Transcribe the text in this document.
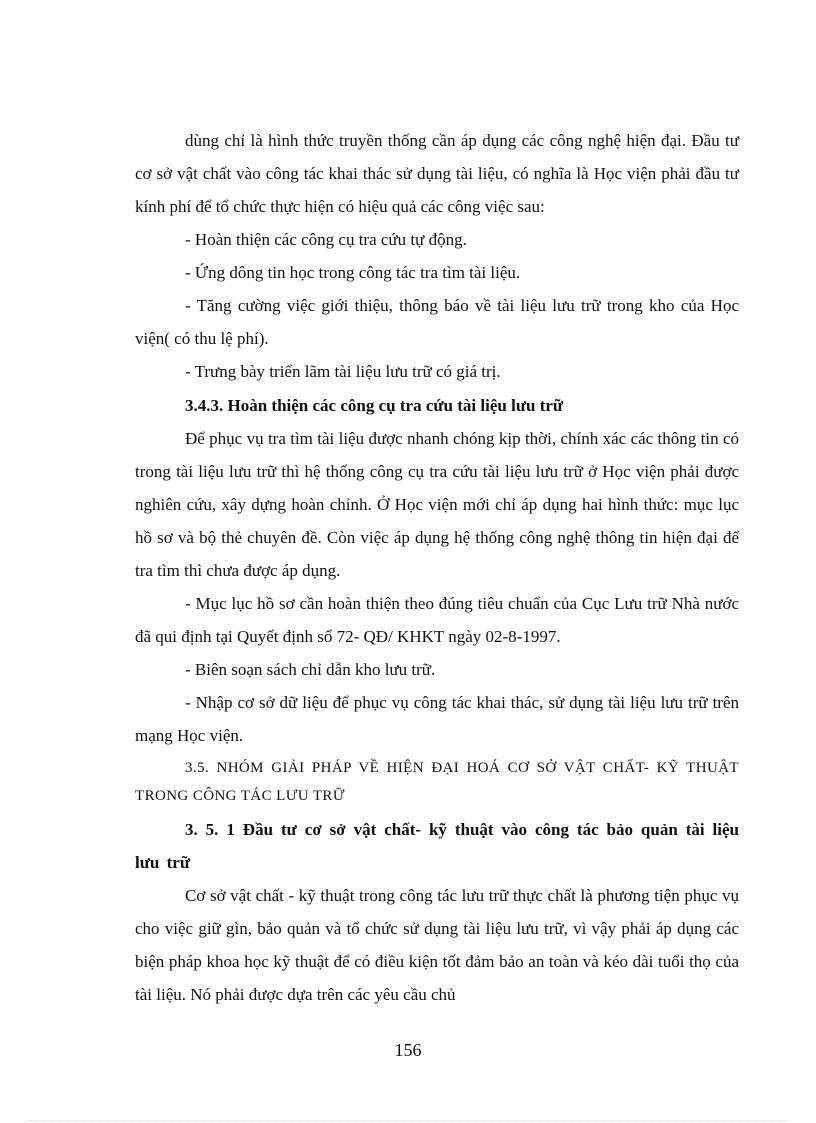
dùng chỉ là hình thức truyền thống cần áp dụng các công nghệ hiện đại. Đầu tư cơ sở vật chất vào công tác khai thác sử dụng tài liệu, có nghĩa là Học viện phải đầu tư kính phí để tổ chức thực hiện có hiệu quả các công việc sau:

- Hoàn thiện các công cụ tra cứu tự động.

- Ứng dông tin học trong công tác tra tìm tài liệu.

- Tăng cường việc giới thiệu, thông báo về tài liệu lưu trữ trong kho của Học viện( có thu lệ phí).

- Trưng bày triển lãm tài liệu lưu trữ có giá trị.

3.4.3. Hoàn thiện các công cụ tra cứu tài liệu lưu trữ

Để phục vụ tra tìm tài liệu được nhanh chóng kịp thời, chính xác các thông tin có trong tài liệu lưu trữ thì hệ thống công cụ tra cứu tài liệu lưu trữ ở Học viện phải được nghiên cứu, xây dựng hoàn chỉnh. Ở Học viện mới chỉ áp dụng hai hình thức: mục lục hồ sơ và bộ thẻ chuyên đề. Còn việc áp dụng hệ thống công nghệ thông tin hiện đại để tra tìm thì chưa được áp dụng.

- Mục lục hồ sơ cần hoàn thiện theo đúng tiêu chuẩn của Cục Lưu trữ Nhà nước đã qui định tại Quyết định số 72- QĐ/ KHKT ngày 02-8-1997.

- Biên soạn sách chỉ dẫn kho lưu trữ.

- Nhập cơ sở dữ liệu để phục vụ công tác khai thác, sử dụng tài liệu lưu trữ trên mạng Học viện.

3.5. NHÓM GIẢI PHÁP VỀ HIỆN ĐẠI HOÁ CƠ SỞ VẬT CHẤT- KỸ THUẬT TRONG CÔNG TÁC LƯU TRỮ

3. 5. 1 Đầu tư cơ sở vật chất- kỹ thuật vào công tác bảo quản tài liệu lưu trữ

Cơ sở vật chất - kỹ thuật trong công tác lưu trữ thực chất là phương tiện phục vụ cho việc giữ gìn, bảo quản và tổ chức sử dụng tài liệu lưu trữ, vì vậy phải áp dụng các biện pháp khoa học kỹ thuật để có điều kiện tốt đảm bảo an toàn và kéo dài tuổi thọ của tài liệu. Nó phải được dựa trên các yêu cầu chủ

156
